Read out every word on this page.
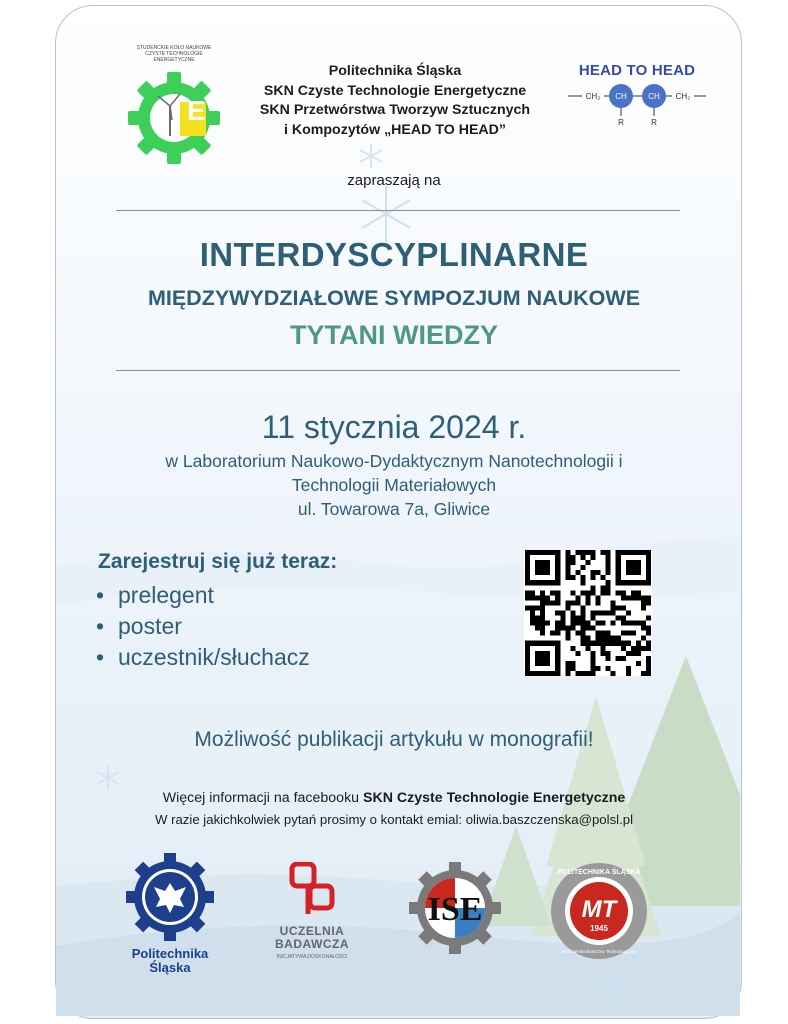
STUDENCKIE KOŁO NAUKOWE
CZYSTE TECHNOLOGIE ENERGETYCZNE
E
Politechnika Śląska
SKN Czyste Technologie Energetyczne
SKN Przetwórstwa Tworzyw Sztucznych
i Kompozytów „HEAD TO HEAD”
HEAD TO HEAD
CH₂ CH	CH CH₂
R	R
zapraszają na
INTERDYSCYPLINARNE
MIĘDZYWYDZIAŁOWE SYMPOZJUM NAUKOWE
TYTANI WIEDZY
11 stycznia 2024 r.
w Laboratorium Naukowo-Dydaktycznym Nanotechnologii i
Technologii Materiałowych
ul. Towarowa 7a, Gliwice
Zarejestruj się już teraz:
• prelegent
• poster
• uczestnik/słuchacz
Możliwość publikacji artykułu w monografii!
Więcej informacji na facebooku SKN Czyste Technologie Energetyczne
W razie jakichkolwiek pytań prosimy o kontakt emial: oliwia.baszczenska@polsl.pl
Politechnika
Śląska
UCZELNIA
BADAWCZA
INICJATYWA DOSKONAŁOŚCI
ISE	MT
1945
POLITECHNIKA ŚLĄSKA
Wydział Mechaniczny Technologiczny
